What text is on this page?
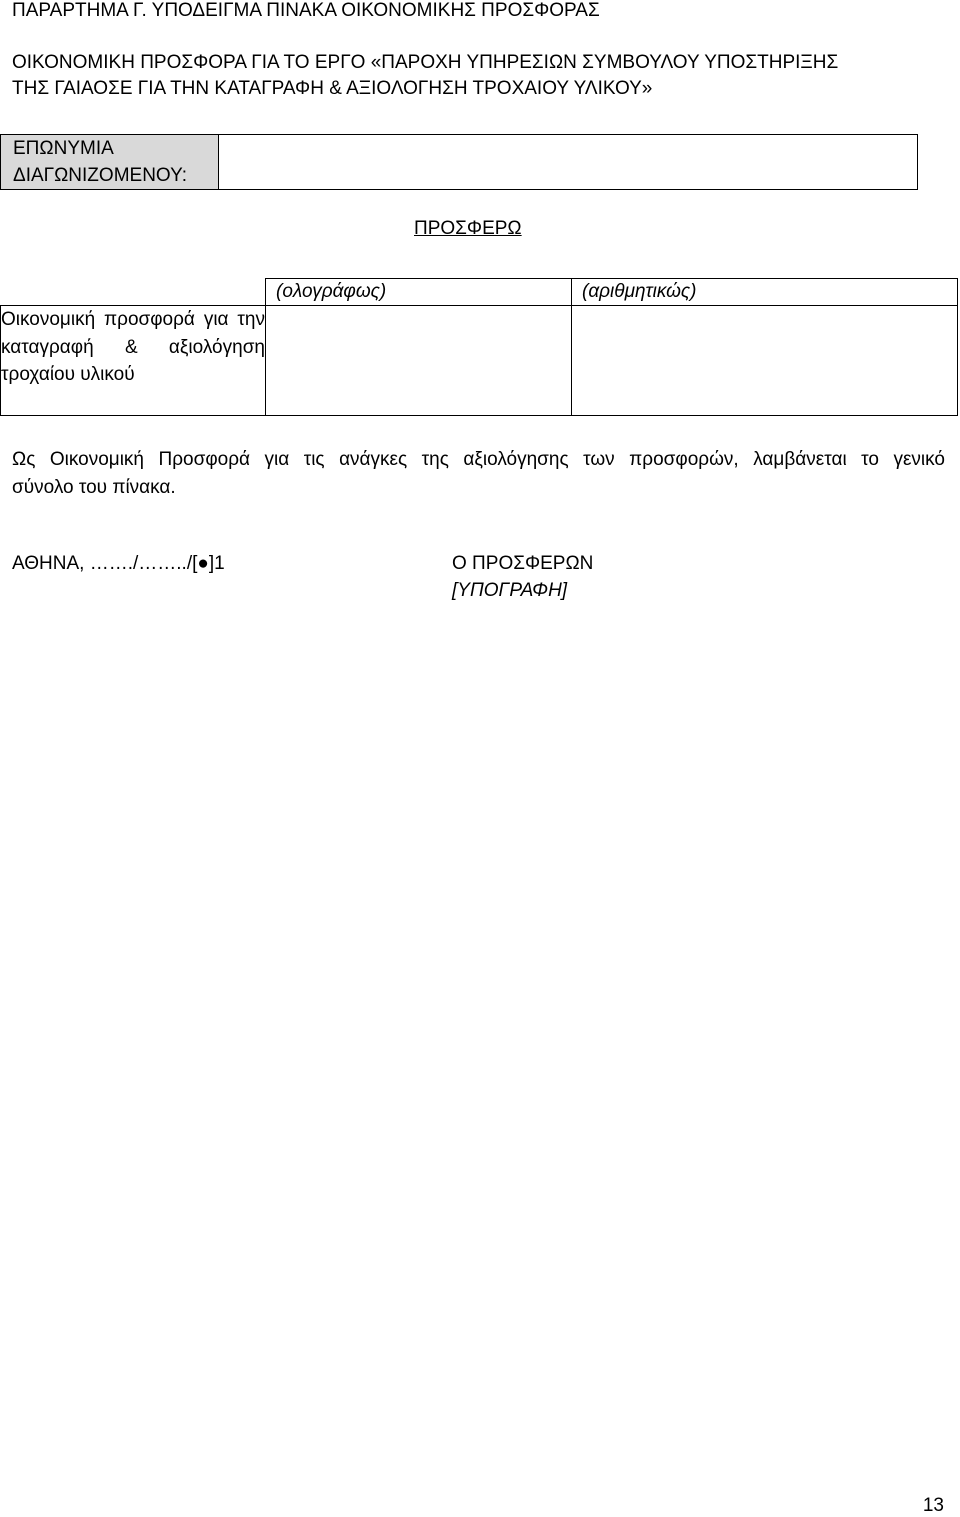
ΠΑΡΑΡΤΗΜΑ Γ. ΥΠΟΔΕΙΓΜΑ ΠΙΝΑΚΑ ΟΙΚΟΝΟΜΙΚΗΣ ΠΡΟΣΦΟΡΑΣ
ΟΙΚΟΝΟΜΙΚΗ ΠΡΟΣΦΟΡΑ ΓΙΑ ΤΟ ΕΡΓΟ «ΠΑΡΟΧΗ ΥΠΗΡΕΣΙΩΝ ΣΥΜΒΟΥΛΟΥ ΥΠΟΣΤΗΡΙΞΗΣ
ΤΗΣ ΓΑΙΑΟΣΕ ΓΙΑ ΤΗΝ ΚΑΤΑΓΡΑΦΗ & ΑΞΙΟΛΟΓΗΣΗ ΤΡΟΧΑΙΟΥ ΥΛΙΚΟΥ»
ΕΠΩΝΥΜΙΑ
ΔΙΑΓΩΝΙΖΟΜΕΝΟΥ:

ΠΡΟΣΦΕΡΩ
	(ολογράφως)	(αριθμητικώς)
Οικονομική προσφορά για την καταγραφή & αξιολόγηση τροχαίου υλικού		
Ως Οικονομική Προσφορά για τις ανάγκες της αξιολόγησης των προσφορών, λαμβάνεται το γενικό
σύνολο του πίνακα.
ΑΘΗΝΑ, ……./……../[●]1	Ο ΠΡΟΣΦΕΡΩΝ
[ΥΠΟΓΡΑΦΗ]
13
